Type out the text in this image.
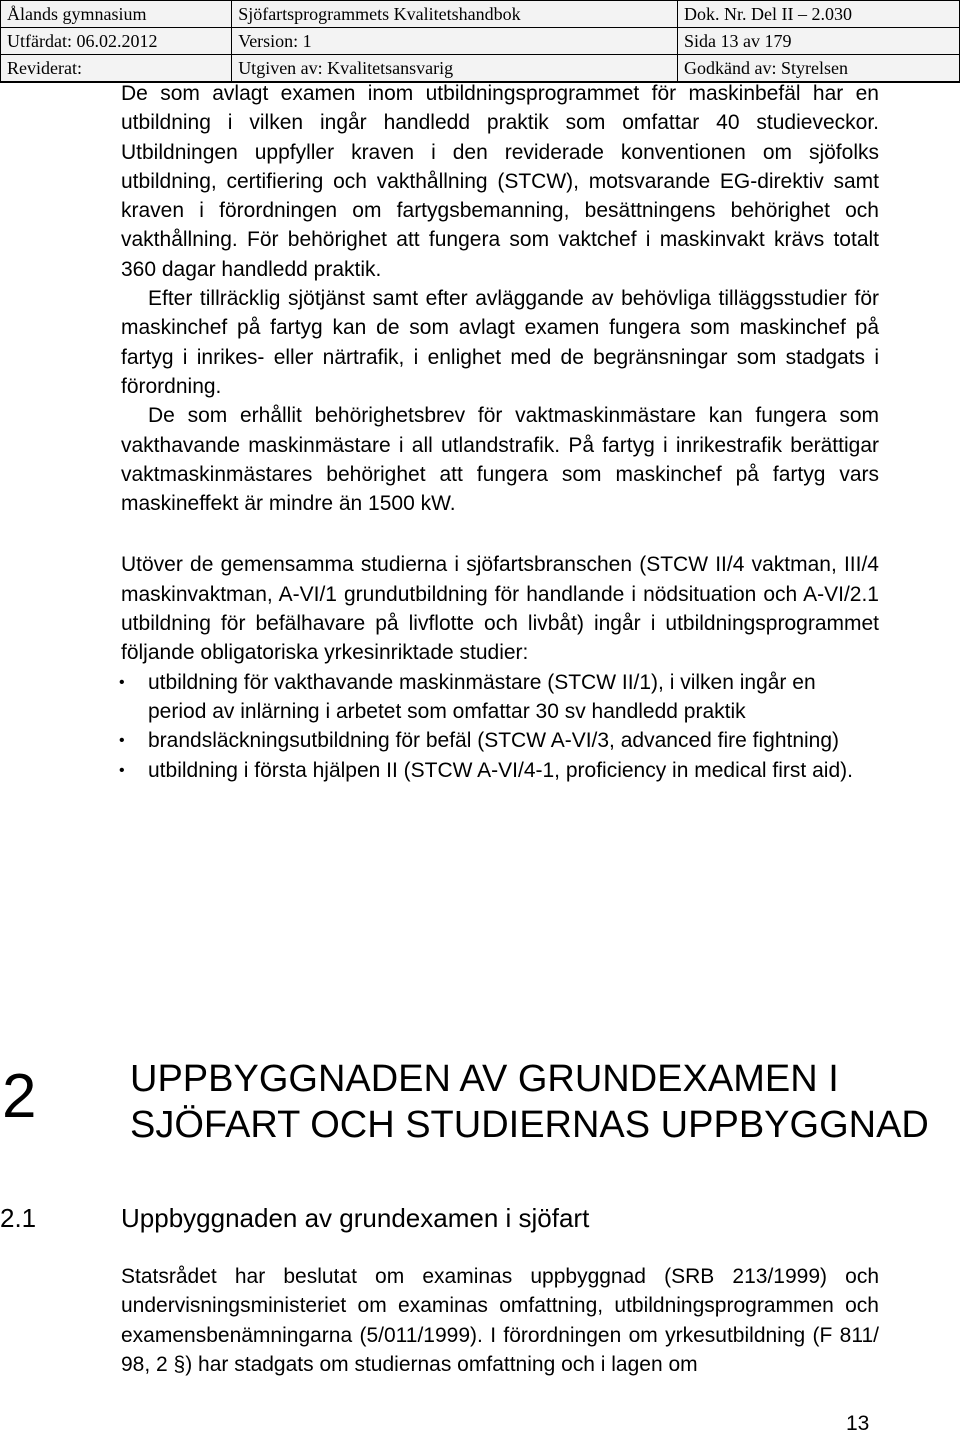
Ålands gymnasium	Sjöfartsprogrammets Kvalitetshandbok	Dok. Nr. Del II – 2.030
Utfärdat: 06.02.2012	Version: 1	Sida 13 av 179
Reviderat:	Utgiven av: Kvalitetsansvarig	Godkänd av: Styrelsen

De som avlagt examen inom utbildningsprogrammet för maskinbefäl har en utbildning i vilken ingår handledd praktik som omfattar 40 studieveckor. Utbildningen uppfyller kraven i den reviderade konventionen om sjöfolks utbildning, certifiering och vakthållning (STCW), motsvarande EG-direktiv samt kraven i förordningen om fartygsbemanning, besättningens behörighet och vakthållning. För behörighet att fungera som vaktchef i maskinvakt krävs totalt 360 dagar handledd praktik.

Efter tillräcklig sjötjänst samt efter avläggande av behövliga tilläggsstudier för maskinchef på fartyg kan de som avlagt examen fungera som maskinchef på fartyg i inrikes- eller närtrafik, i enlighet med de begränsningar som stadgats i förordning.

De som erhållit behörighetsbrev för vaktmaskinmästare kan fungera som vakthavande maskinmästare i all utlandstrafik. På fartyg i inrikestrafik berättigar vaktmaskinmästares behörighet att fungera som maskinchef på fartyg vars maskineffekt är mindre än 1500 kW.

Utöver de gemensamma studierna i sjöfartsbranschen (STCW II/4 vaktman, III/4 maskinvaktman, A-VI/1 grundutbildning för handlande i nödsituation och A-VI/2.1 utbildning för befälhavare på livflotte och livbåt) ingår i utbildningsprogrammet följande obligatoriska yrkesinriktade studier:

• utbildning för vakthavande maskinmästare (STCW II/1), i vilken ingår en period av inlärning i arbetet som omfattar 30 sv handledd praktik
• brandsläckningsutbildning för befäl (STCW A-VI/3, advanced fire fightning)
• utbildning i första hjälpen II (STCW A-VI/4-1, proficiency in medical first aid).
2 UPPBYGGNADEN AV GRUNDEXAMEN I
SJÖFART OCH STUDIERNAS UPPBYGGNAD
2.1	Uppbyggnaden av grundexamen i sjöfart

Statsrådet har beslutat om examinas uppbyggnad (SRB 213/1999) och undervisningsministeriet om examinas omfattning, utbildningsprogrammen och examensbenämningarna (5/011/1999). I förordningen om yrkesutbildning (F 811/ 98, 2 §) har stadgats om studiernas omfattning och i lagen om

13
